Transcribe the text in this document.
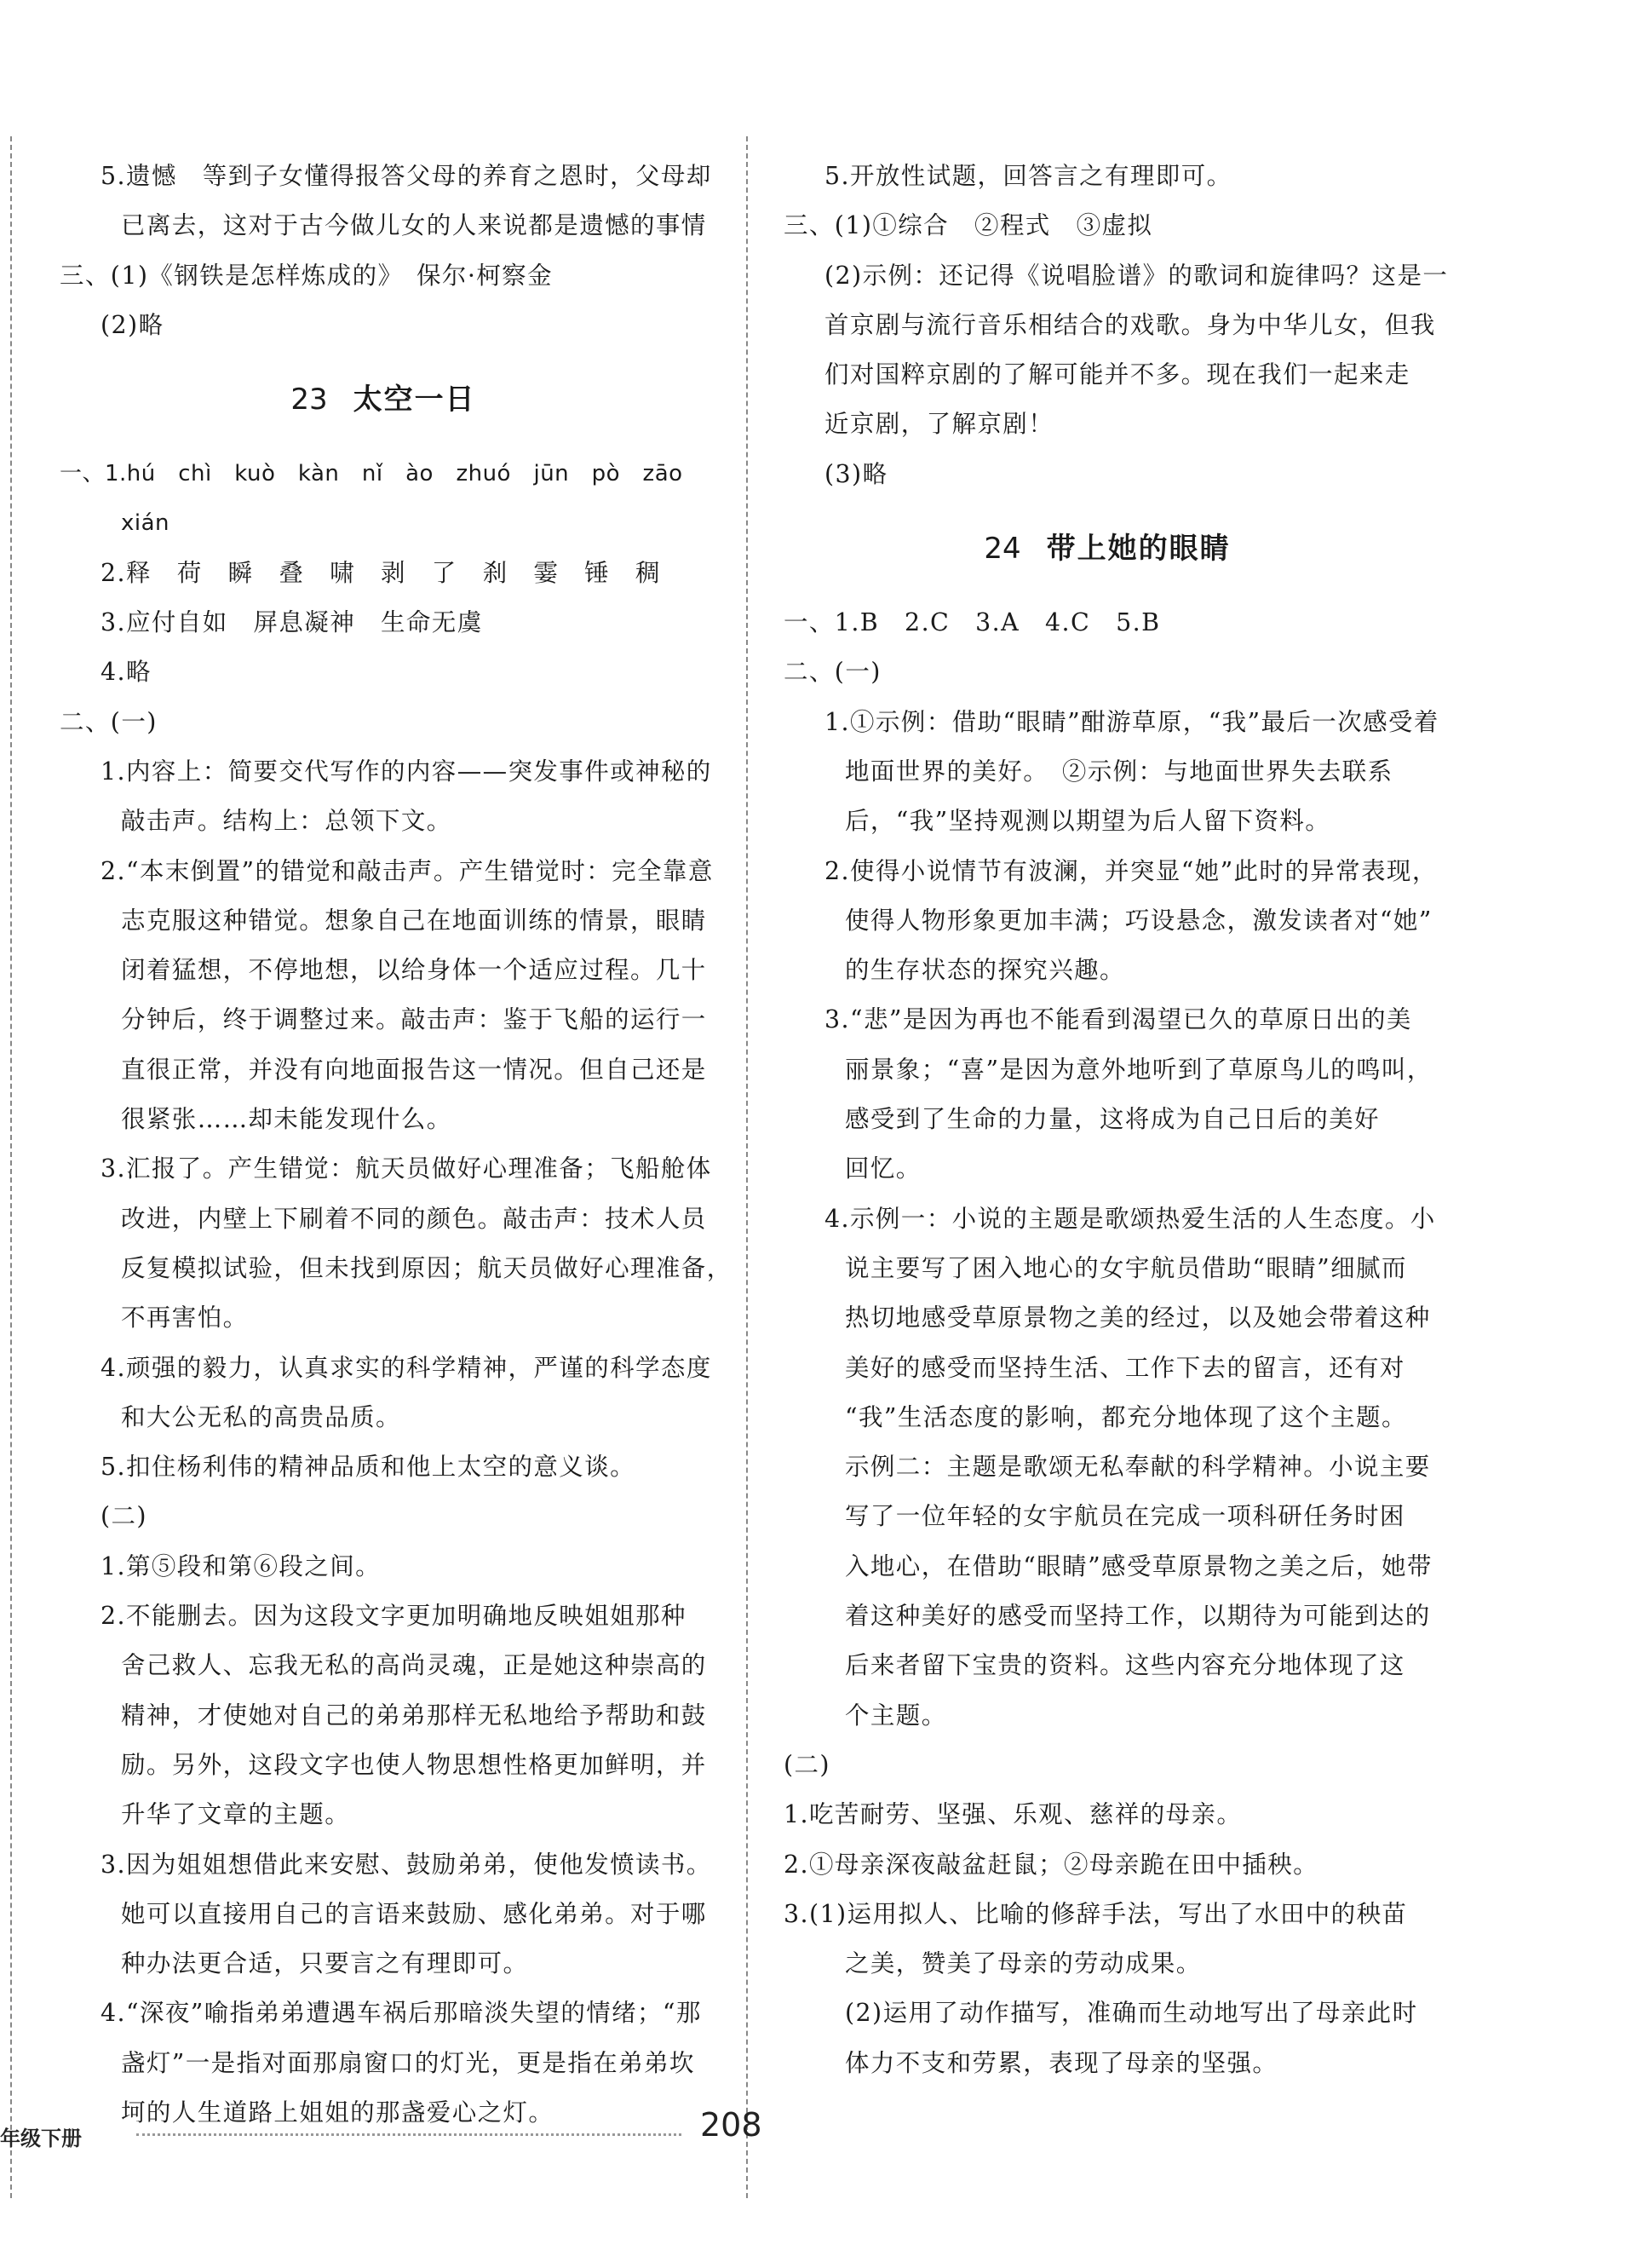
5.遗憾　等到子女懂得报答父母的养育之恩时，父母却
已离去，这对于古今做儿女的人来说都是遗憾的事情
三、(1)《钢铁是怎样炼成的》　保尔·柯察金
(2)略
23 太空一日
一、1.hú　chì　kuò　kàn　nǐ　ào　zhuó　jūn　pò　zāo
xián
2.释　荷　瞬　叠　啸　剥　了　刹　霎　锤　稠
3.应付自如　屏息凝神　生命无虞
4.略
二、(一)
1.内容上：简要交代写作的内容——突发事件或神秘的
敲击声。结构上：总领下文。
2.“本末倒置”的错觉和敲击声。产生错觉时：完全靠意
志克服这种错觉。想象自己在地面训练的情景，眼睛
闭着猛想，不停地想，以给身体一个适应过程。几十
分钟后，终于调整过来。敲击声：鉴于飞船的运行一
直很正常，并没有向地面报告这一情况。但自己还是
很紧张……却未能发现什么。
3.汇报了。产生错觉：航天员做好心理准备；飞船舱体
改进，内壁上下刷着不同的颜色。敲击声：技术人员
反复模拟试验，但未找到原因；航天员做好心理准备，
不再害怕。
4.顽强的毅力，认真求实的科学精神，严谨的科学态度
和大公无私的高贵品质。
5.扣住杨利伟的精神品质和他上太空的意义谈。
(二)
1.第⑤段和第⑥段之间。
2.不能删去。因为这段文字更加明确地反映姐姐那种
舍己救人、忘我无私的高尚灵魂，正是她这种崇高的
精神，才使她对自己的弟弟那样无私地给予帮助和鼓
励。另外，这段文字也使人物思想性格更加鲜明，并
升华了文章的主题。
3.因为姐姐想借此来安慰、鼓励弟弟，使他发愤读书。
她可以直接用自己的言语来鼓励、感化弟弟。对于哪
种办法更合适，只要言之有理即可。
4.“深夜”喻指弟弟遭遇车祸后那暗淡失望的情绪；“那
盏灯”一是指对面那扇窗口的灯光，更是指在弟弟坎
坷的人生道路上姐姐的那盏爱心之灯。
5.开放性试题，回答言之有理即可。
三、(1)①综合　②程式　③虚拟
(2)示例：还记得《说唱脸谱》的歌词和旋律吗？这是一
首京剧与流行音乐相结合的戏歌。身为中华儿女，但我
们对国粹京剧的了解可能并不多。现在我们一起来走
近京剧，了解京剧！
(3)略
24 带上她的眼睛
一、1.B　2.C　3.A　4.C　5.B
二、(一)
1.①示例：借助“眼睛”酣游草原，“我”最后一次感受着
地面世界的美好。　②示例：与地面世界失去联系
后，“我”坚持观测以期望为后人留下资料。
2.使得小说情节有波澜，并突显“她”此时的异常表现，
使得人物形象更加丰满；巧设悬念，激发读者对“她”
的生存状态的探究兴趣。
3.“悲”是因为再也不能看到渴望已久的草原日出的美
丽景象；“喜”是因为意外地听到了草原鸟儿的鸣叫，
感受到了生命的力量，这将成为自己日后的美好
回忆。
4.示例一：小说的主题是歌颂热爱生活的人生态度。小
说主要写了困入地心的女宇航员借助“眼睛”细腻而
热切地感受草原景物之美的经过，以及她会带着这种
美好的感受而坚持生活、工作下去的留言，还有对
“我”生活态度的影响，都充分地体现了这个主题。
示例二：主题是歌颂无私奉献的科学精神。小说主要
写了一位年轻的女宇航员在完成一项科研任务时困
入地心，在借助“眼睛”感受草原景物之美之后，她带
着这种美好的感受而坚持工作，以期待为可能到达的
后来者留下宝贵的资料。这些内容充分地体现了这
个主题。
(二)
1.吃苦耐劳、坚强、乐观、慈祥的母亲。
2.①母亲深夜敲盆赶鼠；②母亲跪在田中插秧。
3.(1)运用拟人、比喻的修辞手法，写出了水田中的秧苗
之美，赞美了母亲的劳动成果。
(2)运用了动作描写，准确而生动地写出了母亲此时
体力不支和劳累，表现了母亲的坚强。
年级下册	208
